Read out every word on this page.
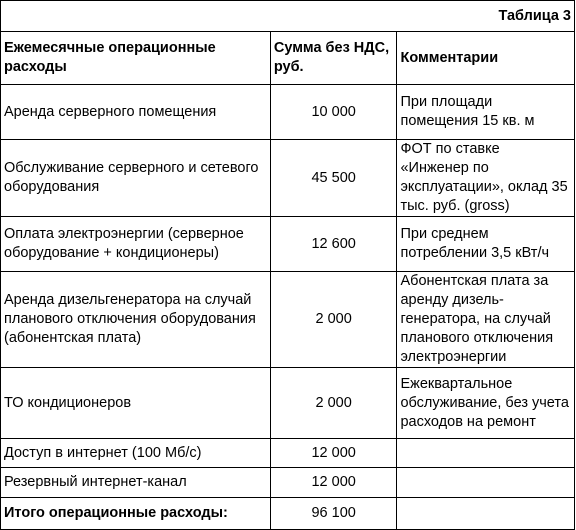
Таблица 3		
Ежемесячные операционные расходы	Сумма без НДС, руб.	Комментарии
Аренда серверного помещения	10 000	При площади помещения 15 кв. м
Обслуживание серверного и сетевого оборудования	45 500	ФОТ по ставке «Инженер по эксплуатации», оклад 35 тыс. руб. (gross)
Оплата электроэнергии (серверное оборудование + кондиционеры)	12 600	При среднем потреблении 3,5 кВт/ч
Аренда дизельгенератора на случай планового отключения оборудования (абонентская плата)	2 000	Абонентская плата за аренду дизель-генератора, на случай планового отключения электроэнергии
ТО кондиционеров	2 000	Ежеквартальное обслуживание, без учета расходов на ремонт
Доступ в интернет (100 Мб/с)	12 000	
Резервный интернет-канал	12 000	
Итого операционные расходы:	96 100	
